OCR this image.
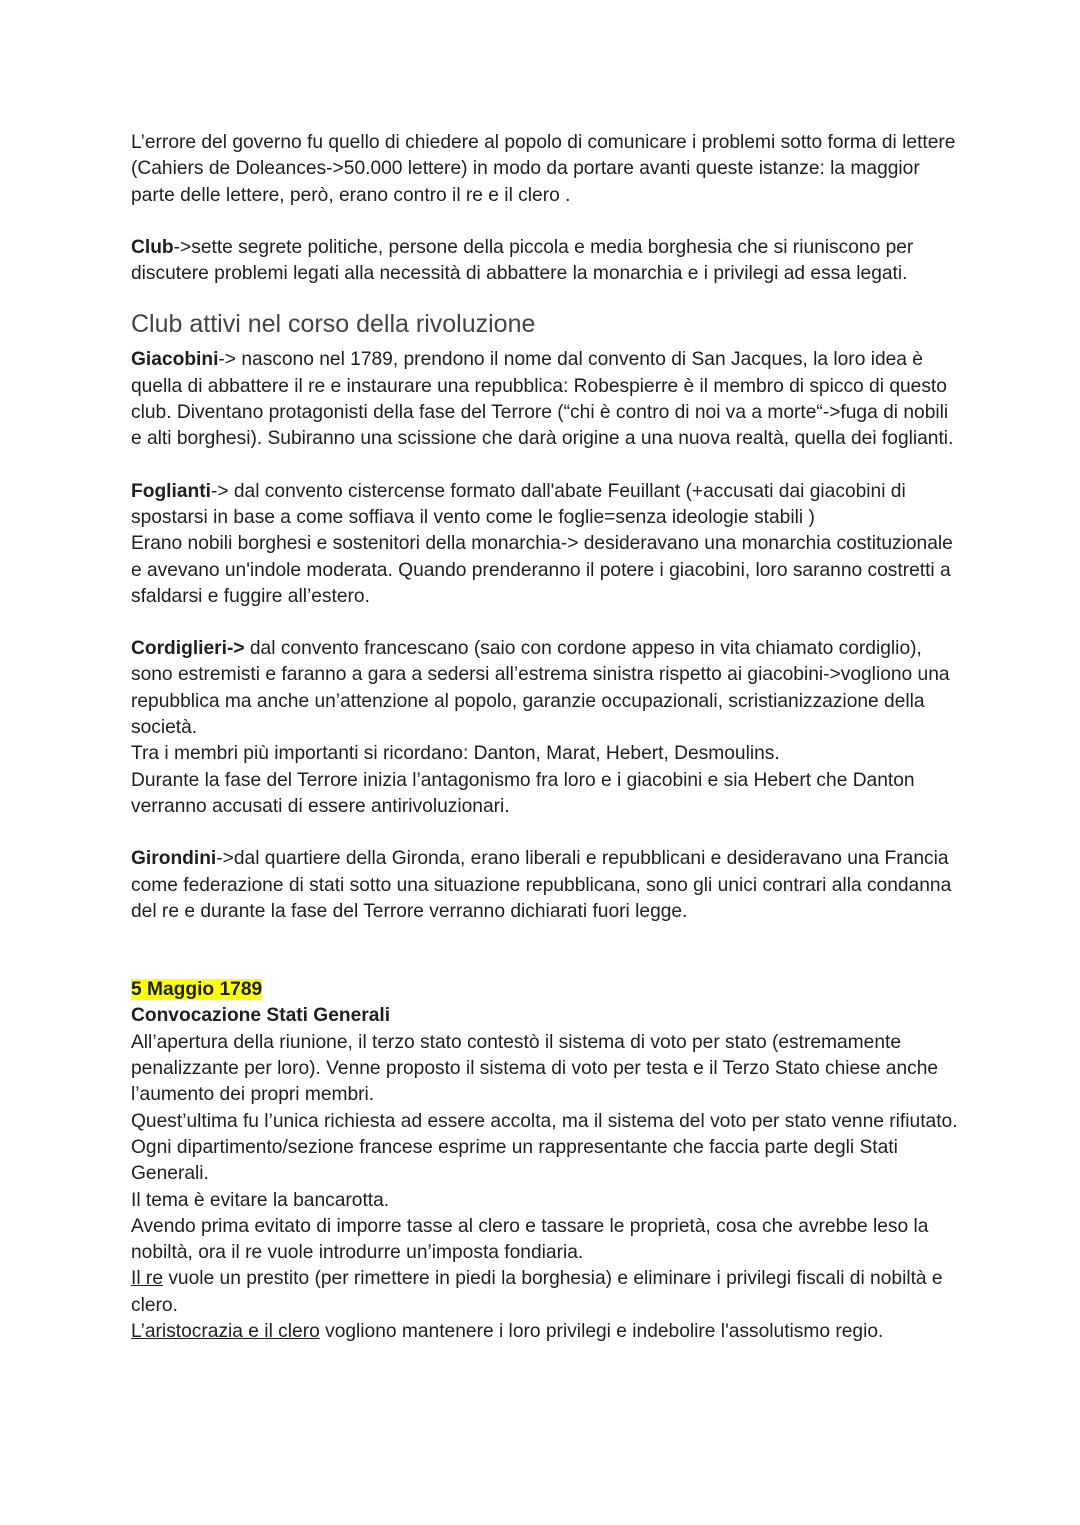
L’errore del governo fu quello di chiedere al popolo di comunicare i problemi sotto forma di lettere (Cahiers de Doleances->50.000 lettere) in modo da portare avanti queste istanze: la maggior parte delle lettere, però, erano contro il re e il clero .

Club->sette segrete politiche, persone della piccola e media borghesia che si riuniscono per discutere problemi legati alla necessità di abbattere la monarchia e i privilegi ad essa legati.

Club attivi nel corso della rivoluzione

Giacobini-> nascono nel 1789, prendono il nome dal convento di San Jacques, la loro idea è quella di abbattere il re e instaurare una repubblica: Robespierre è il membro di spicco di questo club. Diventano protagonisti della fase del Terrore (“chi è contro di noi va a morte“->fuga di nobili e alti borghesi). Subiranno una scissione che darà origine a una nuova realtà, quella dei foglianti.

Foglianti-> dal convento cistercense formato dall'abate Feuillant (+accusati dai giacobini di spostarsi in base a come soffiava il vento come le foglie=senza ideologie stabili )

Erano nobili borghesi e sostenitori della monarchia-> desideravano una monarchia costituzionale e avevano un'indole moderata. Quando prenderanno il potere i giacobini, loro saranno costretti a sfaldarsi e fuggire all’estero.

Cordiglieri-> dal convento francescano (saio con cordone appeso in vita chiamato cordiglio), sono estremisti e faranno a gara a sedersi all’estrema sinistra rispetto ai giacobini->vogliono una repubblica ma anche un’attenzione al popolo, garanzie occupazionali, scristianizzazione della società.

Tra i membri più importanti si ricordano: Danton, Marat, Hebert, Desmoulins.

Durante la fase del Terrore inizia l’antagonismo fra loro e i giacobini e sia Hebert che Danton verranno accusati di essere antirivoluzionari.

Girondini->dal quartiere della Gironda, erano liberali e repubblicani e desideravano una Francia come federazione di stati sotto una situazione repubblicana, sono gli unici contrari alla condanna del re e durante la fase del Terrore verranno dichiarati fuori legge.

5 Maggio 1789

Convocazione Stati Generali

All’apertura della riunione, il terzo stato contestò il sistema di voto per stato (estremamente penalizzante per loro). Venne proposto il sistema di voto per testa e il Terzo Stato chiese anche l’aumento dei propri membri.

Quest’ultima fu l’unica richiesta ad essere accolta, ma il sistema del voto per stato venne rifiutato. Ogni dipartimento/sezione francese esprime un rappresentante che faccia parte degli Stati Generali.

Il tema è evitare la bancarotta.

Avendo prima evitato di imporre tasse al clero e tassare le proprietà, cosa che avrebbe leso la nobiltà, ora il re vuole introdurre un’imposta fondiaria.

Il re vuole un prestito (per rimettere in piedi la borghesia) e eliminare i privilegi fiscali di nobiltà e clero.

L’aristocrazia e il clero vogliono mantenere i loro privilegi e indebolire l'assolutismo regio.
